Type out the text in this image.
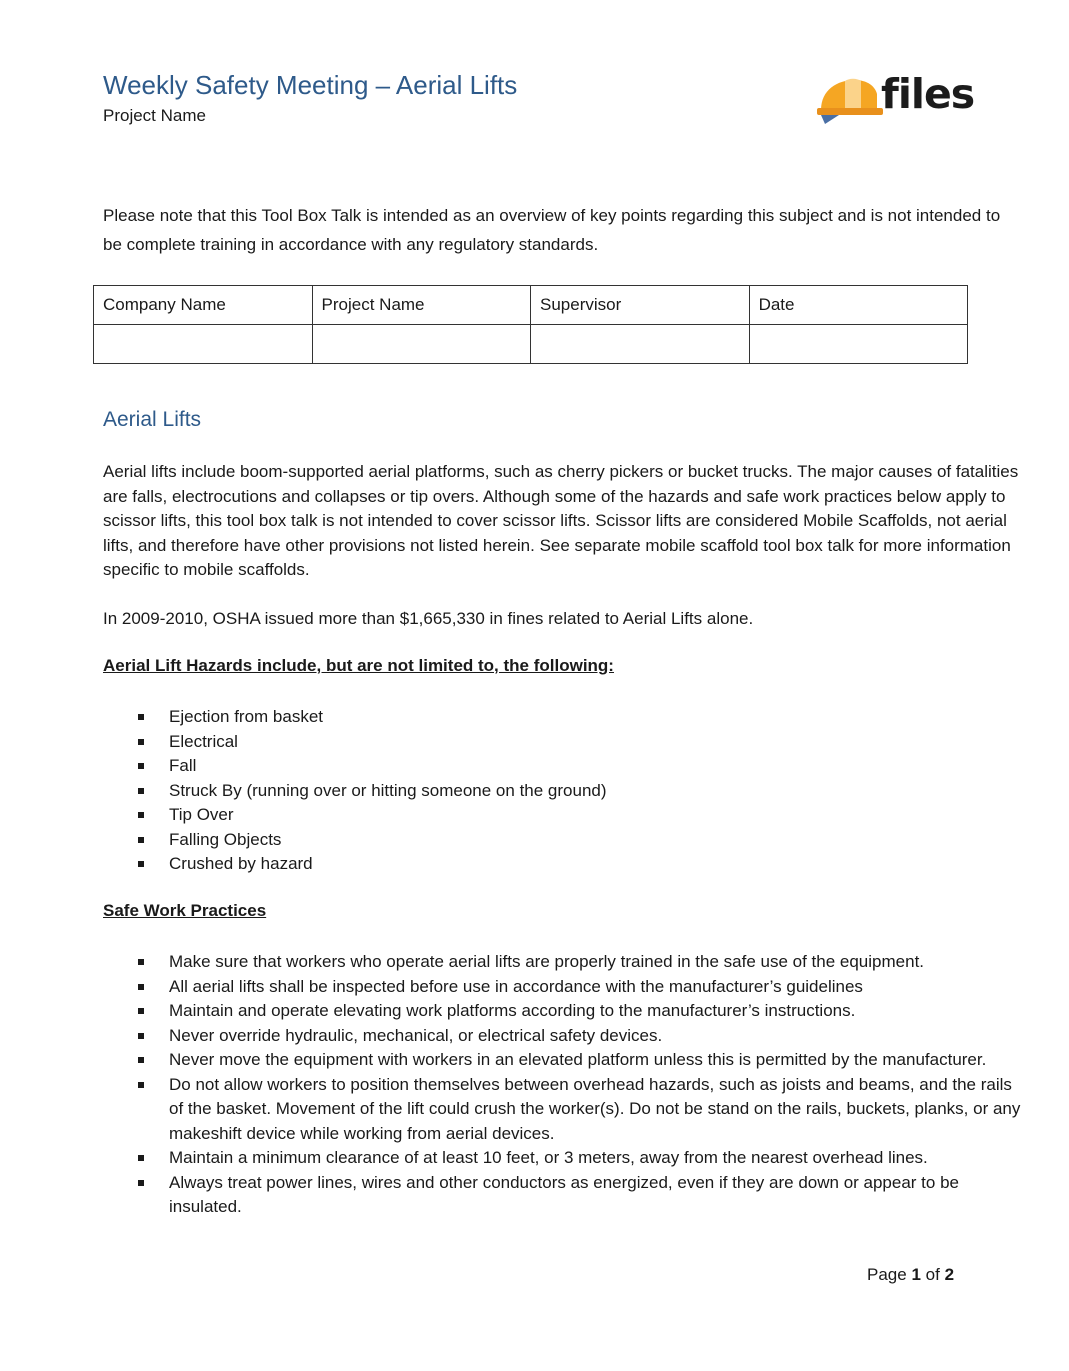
Weekly Safety Meeting – Aerial Lifts
Project Name	files
Please note that this Tool Box Talk is intended as an overview of key points regarding this subject and is not intended to be complete training in accordance with any regulatory standards.
Company Name	Project Name	Supervisor	Date

Aerial Lifts

Aerial lifts include boom-supported aerial platforms, such as cherry pickers or bucket trucks. The major causes of fatalities are falls, electrocutions and collapses or tip overs. Although some of the hazards and safe work practices below apply to scissor lifts, this tool box talk is not intended to cover scissor lifts. Scissor lifts are considered Mobile Scaffolds, not aerial lifts, and therefore have other provisions not listed herein. See separate mobile scaffold tool box talk for more information specific to mobile scaffolds.

In 2009-2010, OSHA issued more than $1,665,330 in fines related to Aerial Lifts alone.

Aerial Lift Hazards include, but are not limited to, the following:
Ejection from basket
Electrical
Fall
Struck By (running over or hitting someone on the ground)
Tip Over
Falling Objects
Crushed by hazard
Safe Work Practices
Make sure that workers who operate aerial lifts are properly trained in the safe use of the equipment.
All aerial lifts shall be inspected before use in accordance with the manufacturer’s guidelines
Maintain and operate elevating work platforms according to the manufacturer’s instructions.
Never override hydraulic, mechanical, or electrical safety devices.
Never move the equipment with workers in an elevated platform unless this is permitted by the manufacturer.
Do not allow workers to position themselves between overhead hazards, such as joists and beams, and the rails of the basket. Movement of the lift could crush the worker(s). Do not be stand on the rails, buckets, planks, or any makeshift device while working from aerial devices.
Maintain a minimum clearance of at least 10 feet, or 3 meters, away from the nearest overhead lines.
Always treat power lines, wires and other conductors as energized, even if they are down or appear to be insulated.
Page 1 of 2
